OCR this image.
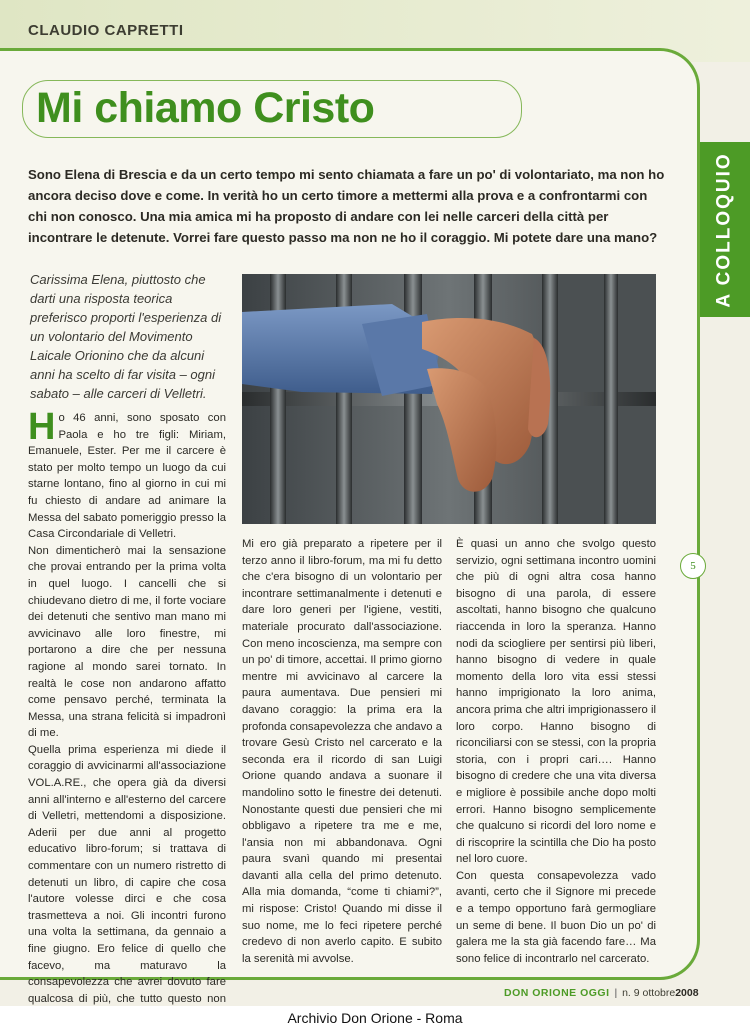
CLAUDIO CAPRETTI
Mi chiamo Cristo
A COLLOQUIO
5
Sono Elena di Brescia e da un certo tempo mi sento chiamata a fare un po' di volontariato, ma non ho ancora deciso dove e come. In verità ho un certo timore a mettermi alla prova e a confrontarmi con chi non conosco. Una mia amica mi ha proposto di andare con lei nelle carceri della città per incontrare le detenute. Vorrei fare questo passo ma non ne ho il coraggio. Mi potete dare una mano?
Carissima Elena, piuttosto che darti una risposta teorica preferisco proporti l'esperienza di un volontario del Movimento Laicale Orionino che da alcuni anni ha scelto di far visita – ogni sabato – alle carceri di Velletri.
H o 46 anni, sono sposato con Paola e ho tre figli: Miriam, Emanuele, Ester. Per me il carcere è stato per molto tempo un luogo da cui starne lontano, fino al giorno in cui mi fu chiesto di andare ad animare la Messa del sabato pomeriggio presso la Casa Circondariale di Velletri.

Non dimenticherò mai la sensazione che provai entrando per la prima volta in quel luogo. I cancelli che si chiudevano dietro di me, il forte vociare dei detenuti che sentivo man mano mi avvicinavo alle loro finestre, mi portarono a dire che per nessuna ragione al mondo sarei tornato. In realtà le cose non andarono affatto come pensavo perché, terminata la Messa, una strana felicità si impadronì di me.

Quella prima esperienza mi diede il coraggio di avvicinarmi all'associazione VOL.A.RE., che opera già da diversi anni all'interno e all'esterno del carcere di Velletri, mettendomi a disposizione. Aderii per due anni al progetto educativo libro-forum; si trattava di commentare con un numero ristretto di detenuti un libro, di capire che cosa l'autore volesse dirci e che cosa trasmetteva a noi. Gli incontri furono una volta la settimana, da gennaio a fine giugno. Ero felice di quello che facevo, ma maturavo la consapevolezza che avrei dovuto fare qualcosa di più, che tutto questo non

Mi ero già preparato a ripetere per il terzo anno il libro-forum, ma mi fu detto che c'era bisogno di un volontario per incontrare settimanalmente i detenuti e dare loro generi per l'igiene, vestiti, materiale procurato dall'associazione. Con meno incoscienza, ma sempre con un po' di timore, accettai. Il primo giorno mentre mi avvicinavo al carcere la paura aumentava. Due pensieri mi davano coraggio: la prima era la profonda consapevolezza che andavo a trovare Gesù Cristo nel carcerato e la seconda era il ricordo di san Luigi Orione quando andava a suonare il mandolino sotto le finestre dei detenuti. Nonostante questi due pensieri che mi obbligavo a ripetere tra me e me, l'ansia non mi abbandonava. Ogni paura svanì quando mi presentai davanti alla cella del primo detenuto. Alla mia domanda, “come ti chiami?”, mi rispose: Cristo! Quando mi disse il suo nome, me lo feci ripetere perché credevo di non averlo capito. E subito la serenità mi avvolse.

È quasi un anno che svolgo questo servizio, ogni settimana incontro uomini che più di ogni altra cosa hanno bisogno di una parola, di essere ascoltati, hanno bisogno che qualcuno riaccenda in loro la speranza. Hanno nodi da sciogliere per sentirsi più liberi, hanno bisogno di vedere in quale momento della loro vita essi stessi hanno imprigionato la loro anima, ancora prima che altri imprigionassero il loro corpo. Hanno bisogno di riconciliarsi con se stessi, con la propria storia, con i propri cari…. Hanno bisogno di credere che una vita diversa e migliore è possibile anche dopo molti errori. Hanno bisogno semplicemente che qualcuno si ricordi del loro nome e di riscoprire la scintilla che Dio ha posto nel loro cuore.

Con questa consapevolezza vado avanti, certo che il Signore mi precede e a tempo opportuno farà germogliare un seme di bene. Il buon Dio un po' di galera me la sta già facendo fare… Ma sono felice di incontrarlo nel carcerato.

DON ORIONE OGGI | n. 9 ottobre2008
Archivio Don Orione - Roma
